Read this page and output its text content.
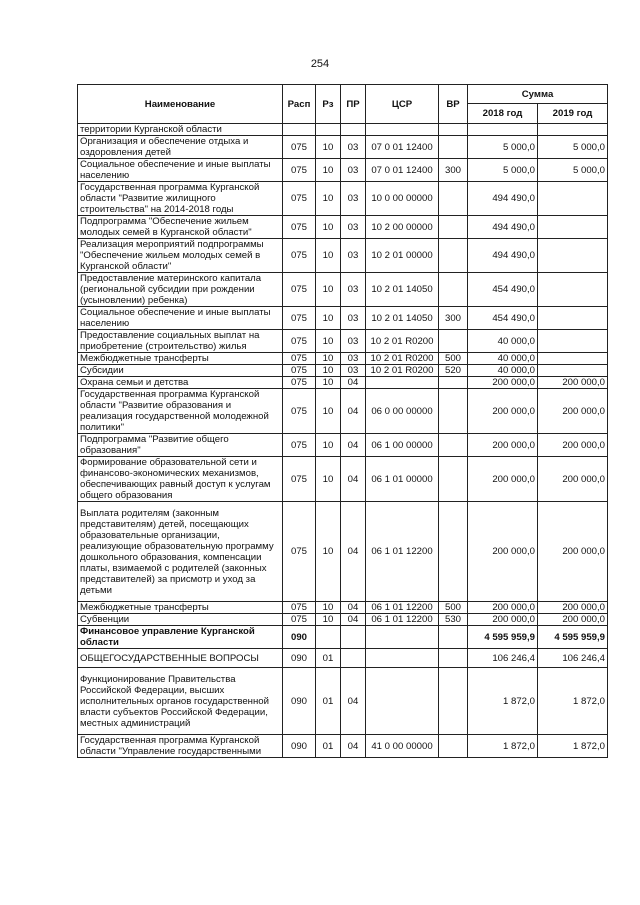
254
Наименование	Расп	Рз	ПР	ЦСР	ВР	Сумма	
						2018 год	2019 год
территории Курганской области							
Организация и обеспечение отдыха и оздоровления детей	075	10	03	07 0 01 12400		5 000,0	5 000,0
Социальное обеспечение и иные выплаты населению	075	10	03	07 0 01 12400	300	5 000,0	5 000,0
Государственная программа Курганской области "Развитие жилищного строительства" на 2014-2018 годы	075	10	03	10 0 00 00000		494 490,0	
Подпрограмма "Обеспечение жильем молодых семей в Курганской области"	075	10	03	10 2 00 00000		494 490,0	
Реализация мероприятий подпрограммы "Обеспечение жильем молодых семей в Курганской области"	075	10	03	10 2 01 00000		494 490,0	
Предоставление материнского капитала (региональной субсидии при рождении (усыновлении) ребенка)	075	10	03	10 2 01 14050		454 490,0	
Социальное обеспечение и иные выплаты населению	075	10	03	10 2 01 14050	300	454 490,0	
Предоставление социальных выплат на приобретение (строительство) жилья	075	10	03	10 2 01 R0200		40 000,0	
Межбюджетные трансферты	075	10	03	10 2 01 R0200	500	40 000,0	
Субсидии	075	10	03	10 2 01 R0200	520	40 000,0	
Охрана семьи и детства	075	10	04			200 000,0	200 000,0
Государственная программа Курганской области "Развитие образования и реализация государственной молодежной политики"	075	10	04	06 0 00 00000		200 000,0	200 000,0
Подпрограмма "Развитие общего образования"	075	10	04	06 1 00 00000		200 000,0	200 000,0
Формирование образовательной сети и финансово-экономических механизмов, обеспечивающих равный доступ к услугам общего образования	075	10	04	06 1 01 00000		200 000,0	200 000,0
Выплата родителям (законным представителям) детей, посещающих образовательные организации, реализующие образовательную программу дошкольного образования, компенсации платы, взимаемой с родителей (законных представителей) за присмотр и уход за детьми	075	10	04	06 1 01 12200		200 000,0	200 000,0
Межбюджетные трансферты	075	10	04	06 1 01 12200	500	200 000,0	200 000,0
Субвенции	075	10	04	06 1 01 12200	530	200 000,0	200 000,0
Финансовое управление Курганской области	090					4 595 959,9	4 595 959,9
ОБЩЕГОСУДАРСТВЕННЫЕ ВОПРОСЫ	090	01				106 246,4	106 246,4
Функционирование Правительства Российской Федерации, высших исполнительных органов государственной власти субъектов Российской Федерации, местных администраций	090	01	04			1 872,0	1 872,0
Государственная программа Курганской области "Управление государственными	090	01	04	41 0 00 00000		1 872,0	1 872,0
